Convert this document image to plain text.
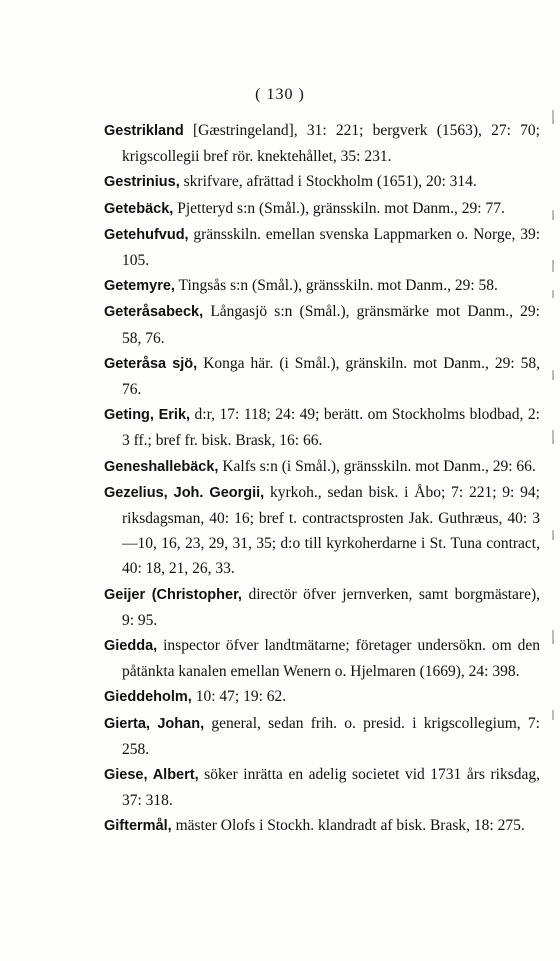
( 130 )

Gestrikland [Gæstringeland], 31: 221; bergverk (1563), 27: 70; krigscollegii bref rör. knektehållet, 35: 231.

Gestrinius, skrifvare, afrättad i Stockholm (1651), 20: 314.

Getebäck, Pjetteryd s:n (Smål.), gränsskiln. mot Danm., 29: 77.

Getehufvud, gränsskiln. emellan svenska Lappmarken o. Norge, 39: 105.

Getemyre, Tingsås s:n (Smål.), gränsskiln. mot Danm., 29: 58.

Geteråsabeck, Långasjö s:n (Smål.), gränsmärke mot Danm., 29: 58, 76.

Geteråsa sjö, Konga här. (i Smål.), gränskiln. mot Danm., 29: 58, 76.

Geting, Erik, d:r, 17: 118; 24: 49; berätt. om Stockholms blodbad, 2: 3 ff.; bref fr. bisk. Brask, 16: 66.

Geneshallebäck, Kalfs s:n (i Smål.), gränsskiln. mot Danm., 29: 66.

Gezelius, Joh. Georgii, kyrkoh., sedan bisk. i Åbo; 7: 221; 9: 94; riksdagsman, 40: 16; bref t. contractsprosten Jak. Guthræus, 40: 3—10, 16, 23, 29, 31, 35; d:o till kyrkoherdarne i St. Tuna contract, 40: 18, 21, 26, 33.

Geijer (Christopher, directör öfver jernverken, samt borgmästare), 9: 95.

Giedda, inspector öfver landtmätarne; företager undersökn. om den påtänkta kanalen emellan Wenern o. Hjelmaren (1669), 24: 398.

Gieddeholm, 10: 47; 19: 62.

Gierta, Johan, general, sedan frih. o. presid. i krigscollegium, 7: 258.

Giese, Albert, söker inrätta en adelig societet vid 1731 års riksdag, 37: 318.

Giftermål, mäster Olofs i Stockh. klandradt af bisk. Brask, 18: 275.
